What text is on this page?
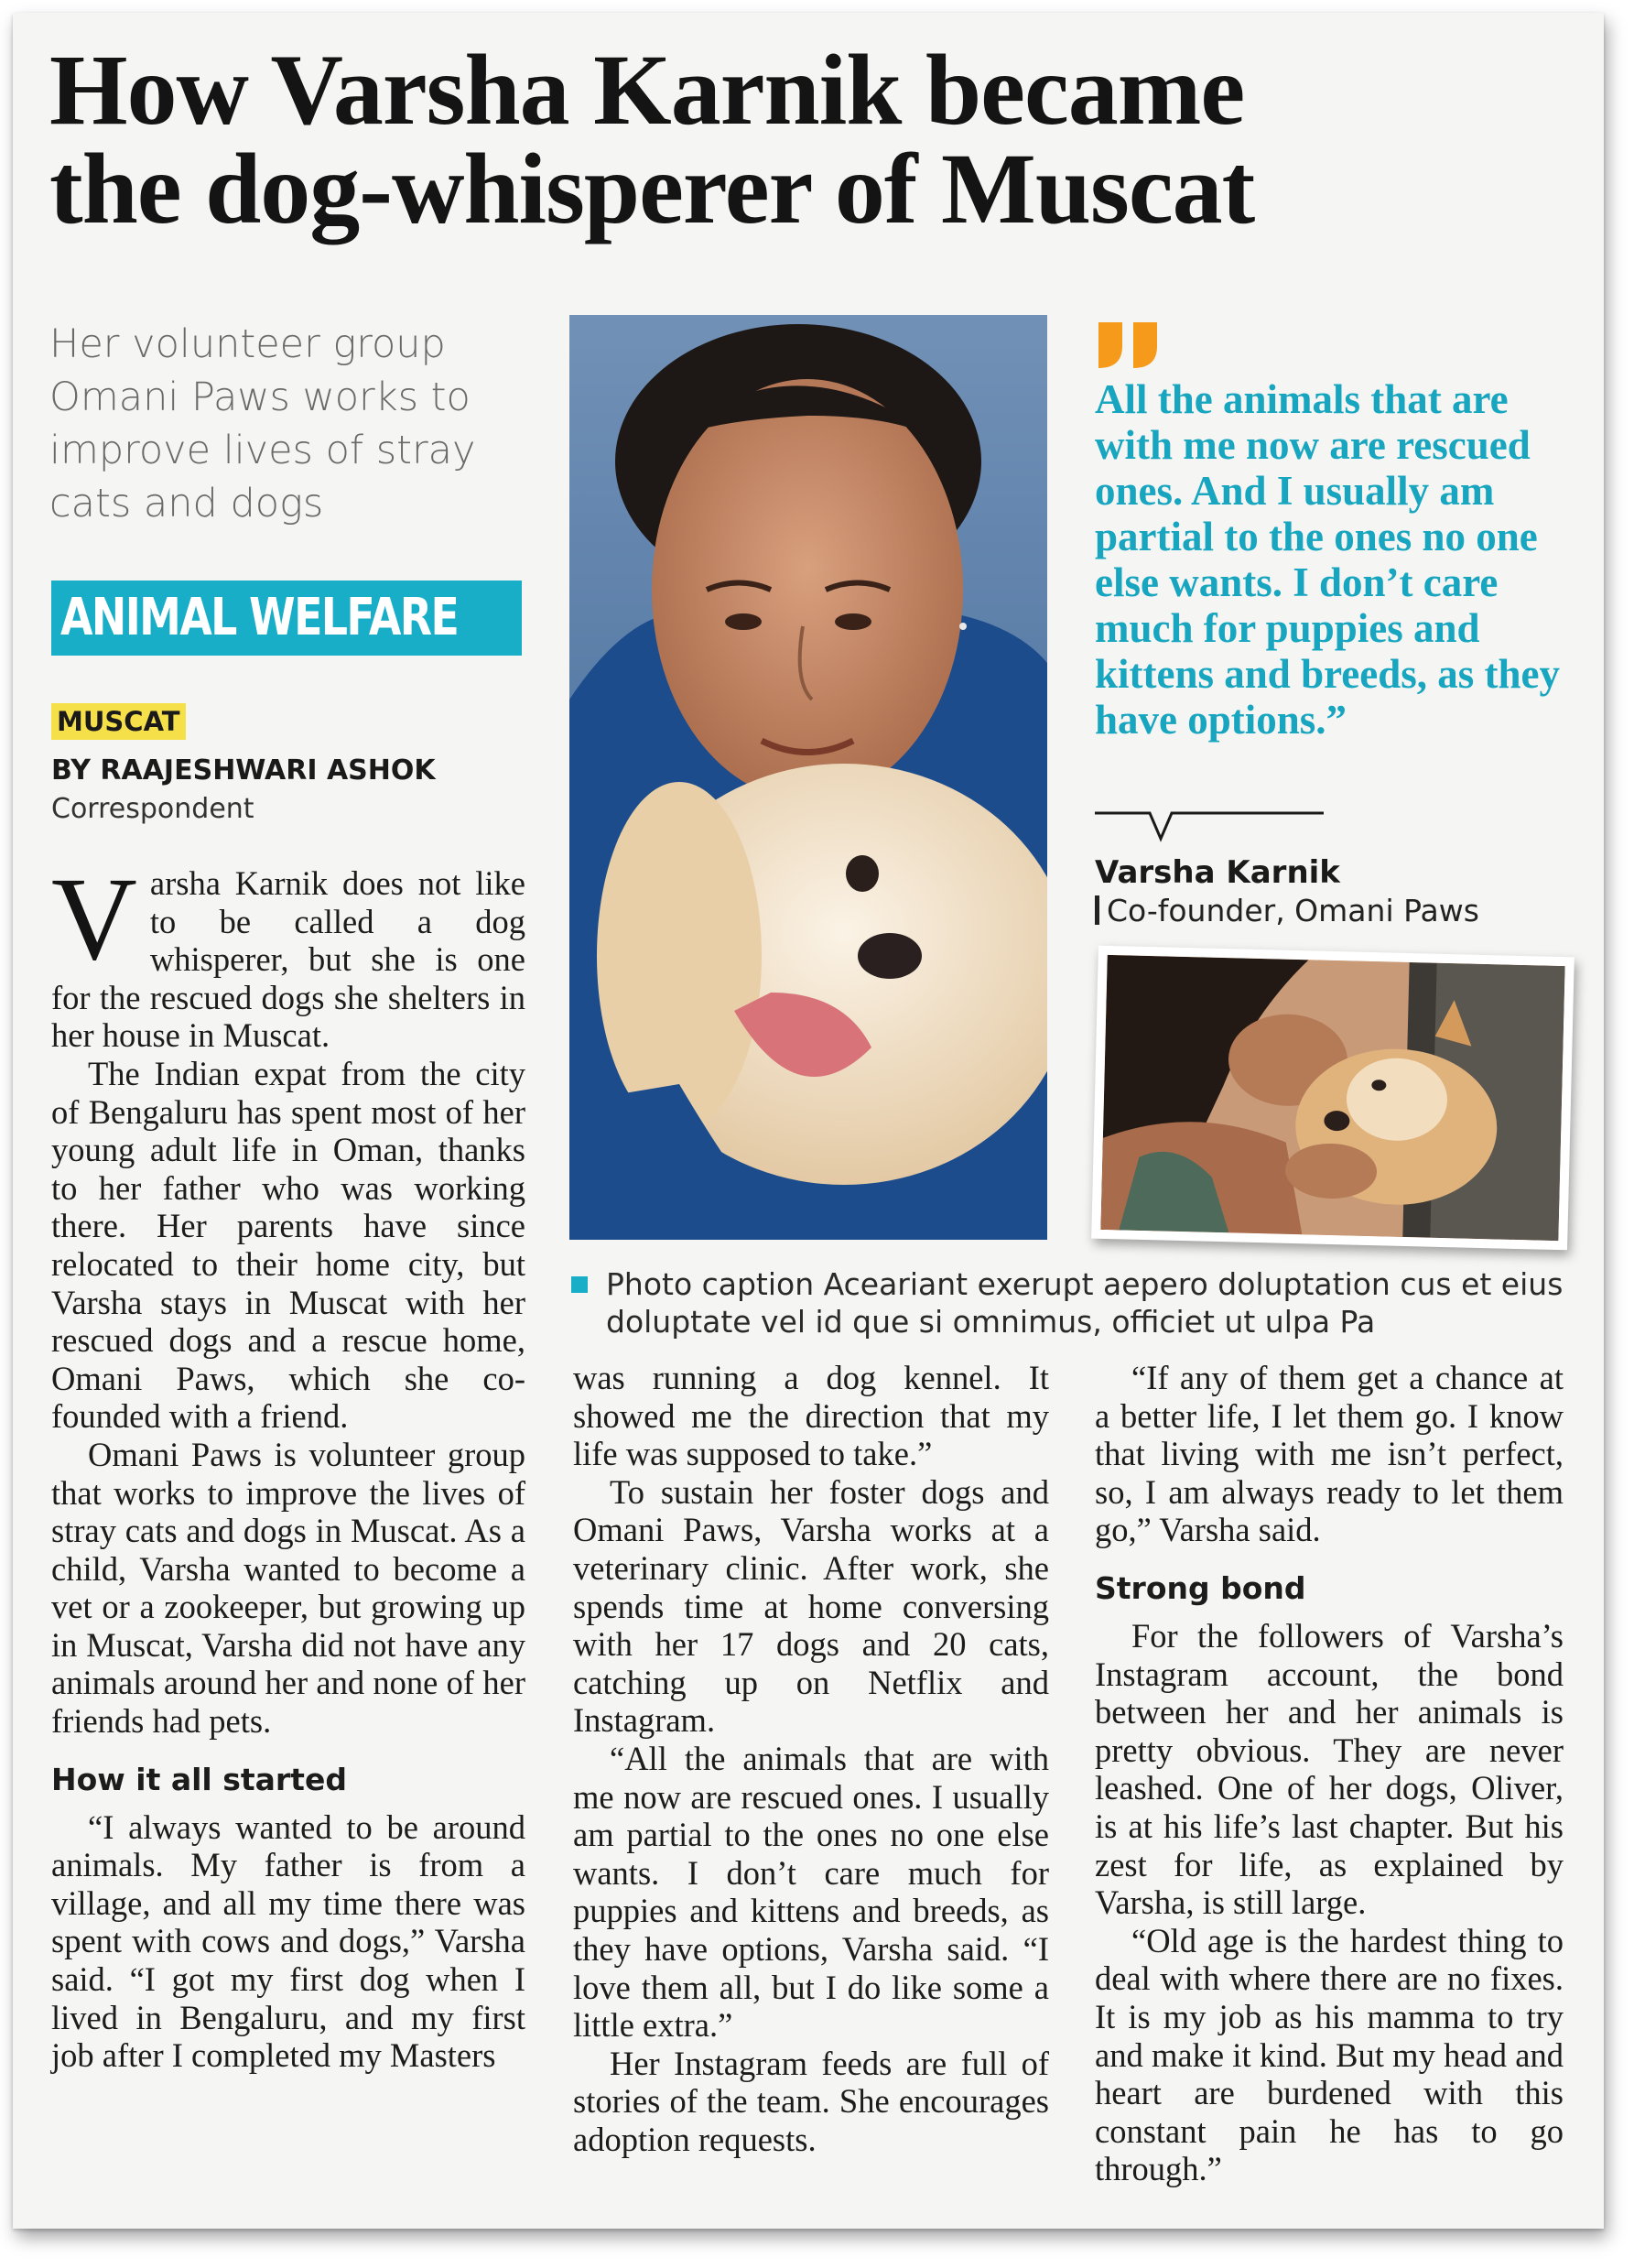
How Varsha Karnik became
the dog-whisperer of Muscat
Her volunteer group Omani Paws works to improve lives of stray cats and dogs
ANIMAL WELFARE
MUSCAT
BY RAAJESHWARI ASHOK
Correspondent

Varsha Karnik does not like to be called a dog whisperer, but she is one for the rescued dogs she shelters in her house in Muscat.

The Indian expat from the city of Bengaluru has spent most of her young adult life in Oman, thanks to her father who was working there. Her parents have since relocated to their home city, but Varsha stays in Muscat with her rescued dogs and a rescue home, Omani Paws, which she co-founded with a friend.

Omani Paws is volunteer group that works to improve the lives of stray cats and dogs in Muscat. As a child, Varsha wanted to become a vet or a zookeeper, but growing up in Muscat, Varsha did not have any animals around her and none of her friends had pets.

How it all started

“I always wanted to be around animals. My father is from a village, and all my time there was spent with cows and dogs,” Varsha said. “I got my first dog when I lived in Bengaluru, and my first job after I completed my Masters

All the animals that are with me now are rescued ones. And I usually am partial to the ones no one else wants. I don’t care much for puppies and kittens and breeds, as they have options.”
Varsha Karnik
Co-founder, Omani Paws
Photo caption Aceariant exerupt aepero doluptation cus et eius doluptate vel id que si omnimus, officiet ut ulpa Pa

was running a dog kennel. It showed me the direction that my life was supposed to take.”

To sustain her foster dogs and Omani Paws, Varsha works at a veterinary clinic. After work, she spends time at home conversing with her 17 dogs and 20 cats, catching up on Netflix and Instagram.

“All the animals that are with me now are rescued ones. I usually am partial to the ones no one else wants. I don’t care much for puppies and kittens and breeds, as they have options, Varsha said. “I love them all, but I do like some a little extra.”

Her Instagram feeds are full of stories of the team. She encourages adoption requests.

“If any of them get a chance at a better life, I let them go. I know that living with me isn’t perfect, so, I am always ready to let them go,” Varsha said.

Strong bond

For the followers of Varsha’s Instagram account, the bond between her and her animals is pretty obvious. They are never leashed. One of her dogs, Oliver, is at his life’s last chapter. But his zest for life, as explained by Varsha, is still large.

“Old age is the hardest thing to deal with where there are no fixes. It is my job as his mamma to try and make it kind. But my head and heart are burdened with this constant pain he has to go through.”
